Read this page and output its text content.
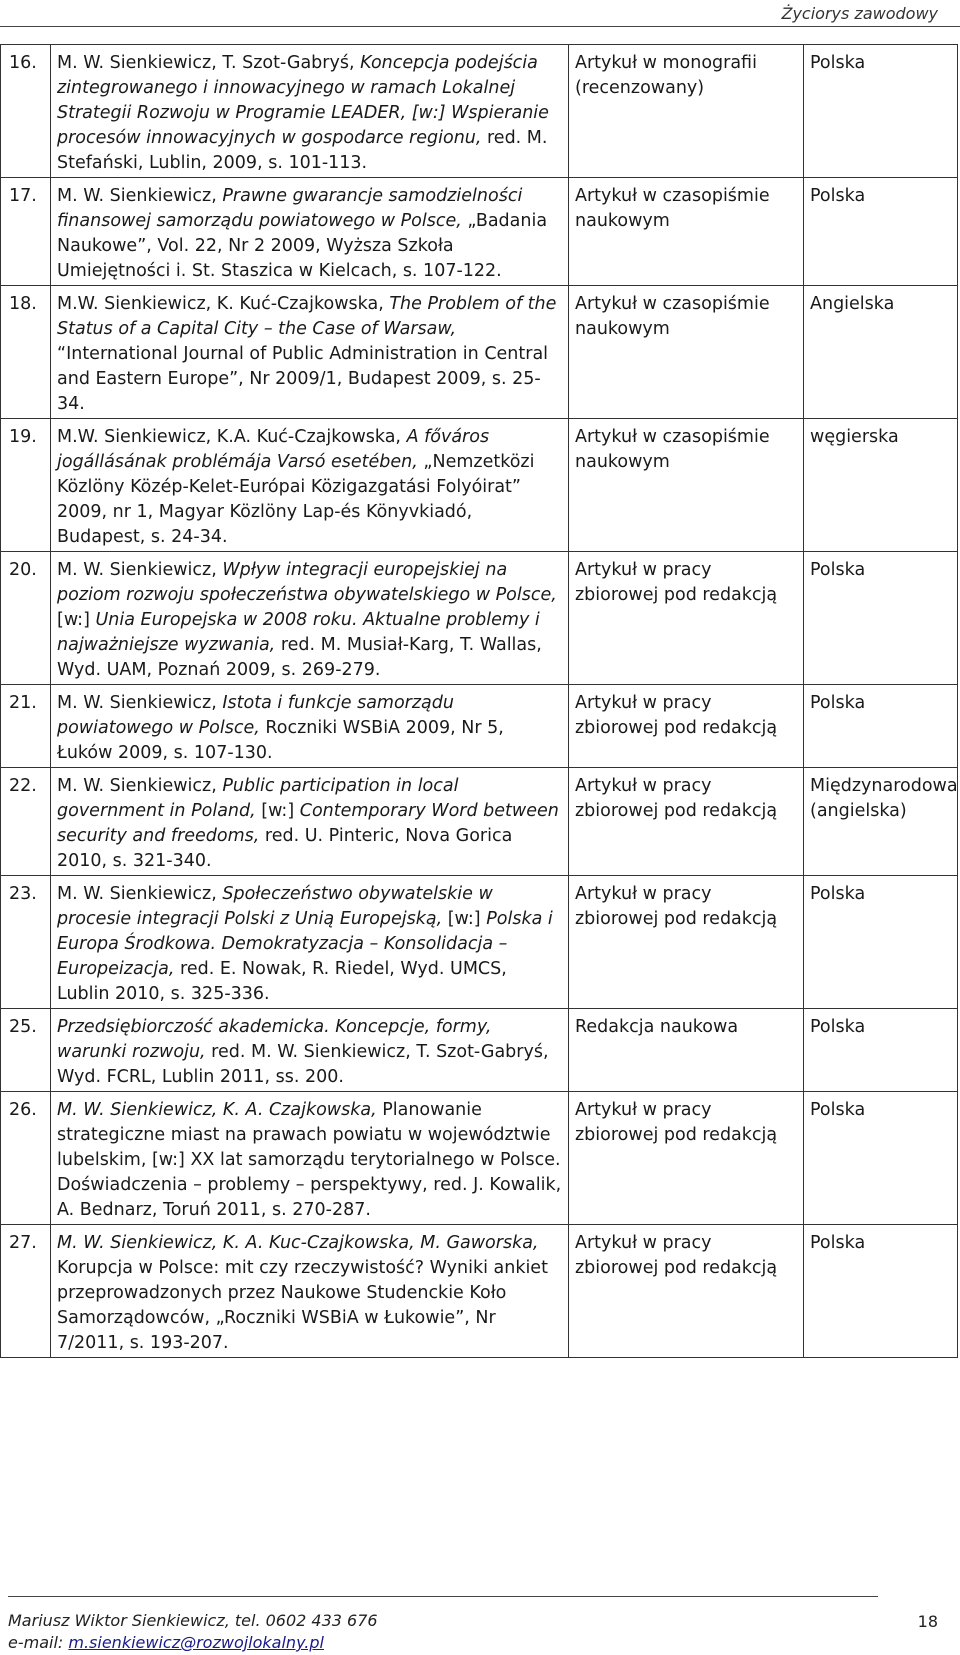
Życiorys zawodowy
16.	M. W. Sienkiewicz, T. Szot-Gabryś, Koncepcja podejścia zintegrowanego i innowacyjnego w ramach Lokalnej Strategii Rozwoju w Programie LEADER, [w:] Wspieranie procesów innowacyjnych w gospodarce regionu, red. M. Stefański, Lublin, 2009, s. 101-113.	Artykuł w monografii (recenzowany)	Polska
17.	M. W. Sienkiewicz, Prawne gwarancje samodzielności finansowej samorządu powiatowego w Polsce, „Badania Naukowe”, Vol. 22, Nr 2 2009, Wyższa Szkoła Umiejętności i. St. Staszica w Kielcach, s. 107-122.	Artykuł w czasopiśmie naukowym	Polska
18.	M.W. Sienkiewicz, K. Kuć-Czajkowska, The Problem of the Status of a Capital City – the Case of Warsaw, “International Journal of Public Administration in Central and Eastern Europe”, Nr 2009/1, Budapest 2009, s. 25-34.	Artykuł w czasopiśmie naukowym	Angielska
19.	M.W. Sienkiewicz, K.A. Kuć-Czajkowska, A főváros jogállásának problémája Varsó esetében, „Nemzetközi Közlöny Közép-Kelet-Európai Közigazgatási Folyóirat” 2009, nr 1, Magyar Közlöny Lap-és Könyvkiadó, Budapest, s. 24-34.	Artykuł w czasopiśmie naukowym	węgierska
20.	M. W. Sienkiewicz, Wpływ integracji europejskiej na poziom rozwoju społeczeństwa obywatelskiego w Polsce, [w:] Unia Europejska w 2008 roku. Aktualne problemy i najważniejsze wyzwania, red. M. Musiał-Karg, T. Wallas, Wyd. UAM, Poznań 2009, s. 269-279.	Artykuł w pracy zbiorowej pod redakcją	Polska
21.	M. W. Sienkiewicz, Istota i funkcje samorządu powiatowego w Polsce, Roczniki WSBiA 2009, Nr 5, Łuków 2009, s. 107-130.	Artykuł w pracy zbiorowej pod redakcją	Polska
22.	M. W. Sienkiewicz, Public participation in local government in Poland, [w:] Contemporary Word between security and freedoms, red. U. Pinteric, Nova Gorica 2010, s. 321-340.	Artykuł w pracy zbiorowej pod redakcją	Międzynarodowa (angielska)
23.	M. W. Sienkiewicz, Społeczeństwo obywatelskie w procesie integracji Polski z Unią Europejską, [w:] Polska i Europa Środkowa. Demokratyzacja – Konsolidacja – Europeizacja, red. E. Nowak, R. Riedel, Wyd. UMCS, Lublin 2010, s. 325-336.	Artykuł w pracy zbiorowej pod redakcją	Polska
25.	Przedsiębiorczość akademicka. Koncepcje, formy, warunki rozwoju, red. M. W. Sienkiewicz, T. Szot-Gabryś, Wyd. FCRL, Lublin 2011, ss. 200.	Redakcja naukowa	Polska
26.	M. W. Sienkiewicz, K. A. Czajkowska, Planowanie strategiczne miast na prawach powiatu w województwie lubelskim, [w:] XX lat samorządu terytorialnego w Polsce. Doświadczenia – problemy – perspektywy, red. J. Kowalik, A. Bednarz, Toruń 2011, s. 270-287.	Artykuł w pracy zbiorowej pod redakcją	Polska
27.	M. W. Sienkiewicz, K. A. Kuc-Czajkowska, M. Gaworska, Korupcja w Polsce: mit czy rzeczywistość? Wyniki ankiet przeprowadzonych przez Naukowe Studenckie Koło Samorządowców, „Roczniki WSBiA w Łukowie”, Nr 7/2011, s. 193-207.	Artykuł w pracy zbiorowej pod redakcją	Polska
Mariusz Wiktor Sienkiewicz, tel. 0602 433 676
e-mail: m.sienkiewicz@rozwojlokalny.pl
18
